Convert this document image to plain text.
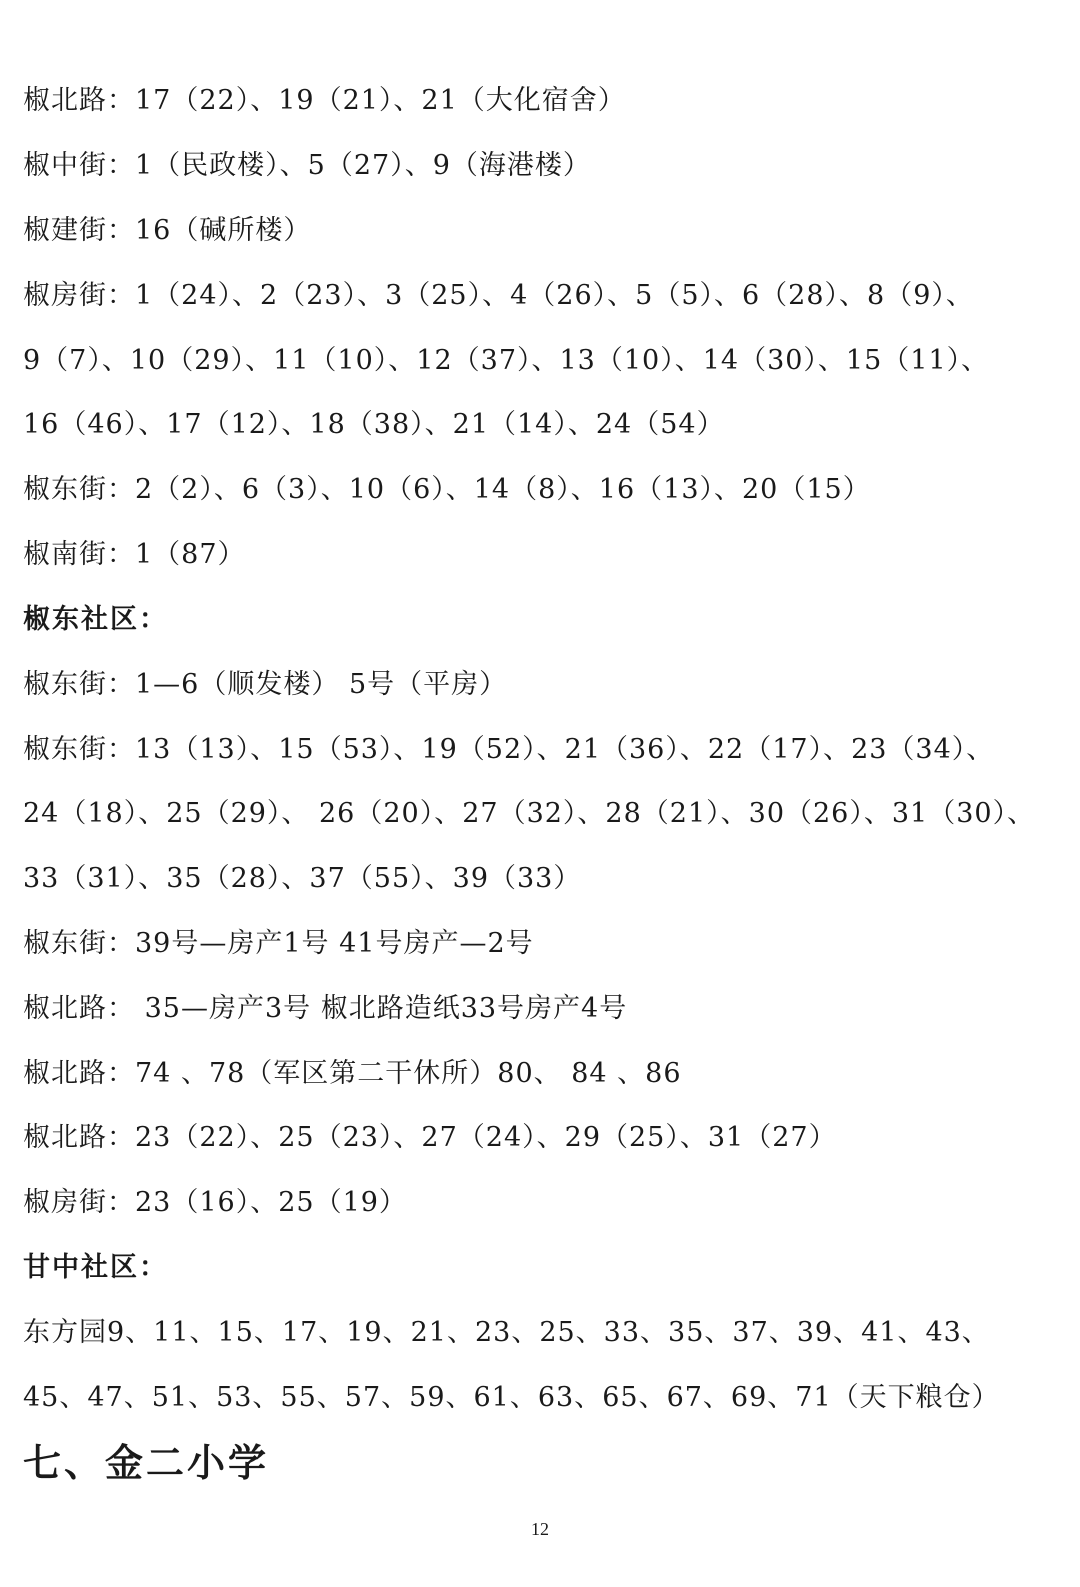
椒北路：17（22）、19（21）、21（大化宿舍）
椒中街：1（民政楼）、5（27）、9（海港楼）
椒建街：16（碱所楼）
椒房街：1（24）、2（23）、3（25）、4（26）、5（5）、6（28）、8（9）、
9（7）、10（29）、11（10）、12（37）、13（10）、14（30）、15（11）、
16（46）、17（12）、18（38）、21（14）、24（54）
椒东街：2（2）、6（3）、10（6）、14（8）、16（13）、20（15）
椒南街：1（87）
椒东社区：
椒东街：1—6（顺发楼） 5号（平房）
椒东街：13（13）、15（53）、19（52）、21（36）、22（17）、23（34）、
24（18）、25（29）、 26（20）、27（32）、28（21）、30（26）、31（30）、
33（31）、35（28）、37（55）、39（33）
椒东街：39号—房产1号 41号房产—2号
椒北路： 35—房产3号 椒北路造纸33号房产4号
椒北路：74 、78（军区第二干休所）80、 84 、86
椒北路：23（22）、25（23）、27（24）、29（25）、31（27）
椒房街：23（16）、25（19）
甘中社区：
东方园9、11、15、17、19、21、23、25、33、35、37、39、41、43、
45、47、51、53、55、57、59、61、63、65、67、69、71（天下粮仓）
七、金二小学
12
